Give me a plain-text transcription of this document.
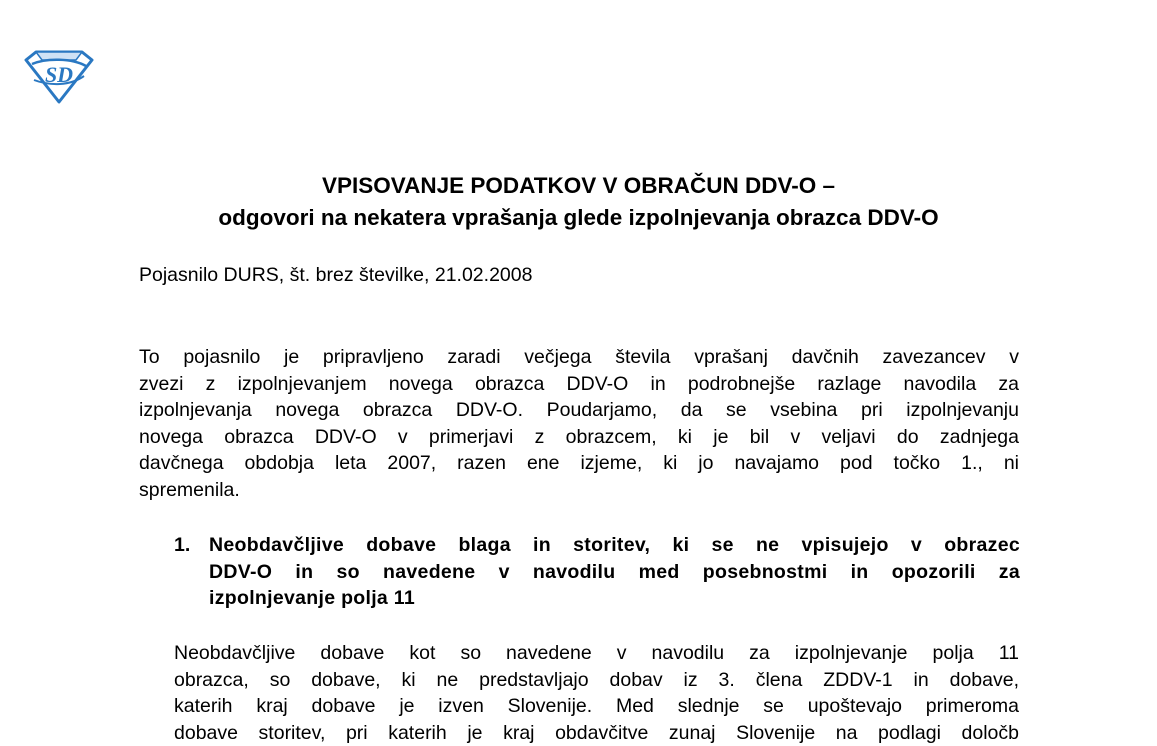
SD
VPISOVANJE PODATKOV V OBRAČUN DDV-O –
odgovori na nekatera vprašanja glede izpolnjevanja obrazca DDV-O

Pojasnilo DURS, št. brez številke, 21.02.2008

To pojasnilo je pripravljeno zaradi večjega števila vprašanj davčnih zavezancev v
zvezi z izpolnjevanjem novega obrazca DDV-O in podrobnejše razlage navodila za
izpolnjevanja novega obrazca DDV-O. Poudarjamo, da se vsebina pri izpolnjevanju
novega obrazca DDV-O v primerjavi z obrazcem, ki je bil v veljavi do zadnjega
davčnega obdobja leta 2007, razen ene izjeme, ki jo navajamo pod točko 1., ni
spremenila.
1. Neobdavčljive dobave blaga in storitev, ki se ne vpisujejo v obrazec
DDV-O in so navedene v navodilu med posebnostmi in opozorili za
izpolnjevanje polja 11
Neobdavčljive dobave kot so navedene v navodilu za izpolnjevanje polja 11
obrazca, so dobave, ki ne predstavljajo dobav iz 3. člena ZDDV-1 in dobave,
katerih kraj dobave je izven Slovenije. Med slednje se upoštevajo primeroma
dobave storitev, pri katerih je kraj obdavčitve zunaj Slovenije na podlagi določb
